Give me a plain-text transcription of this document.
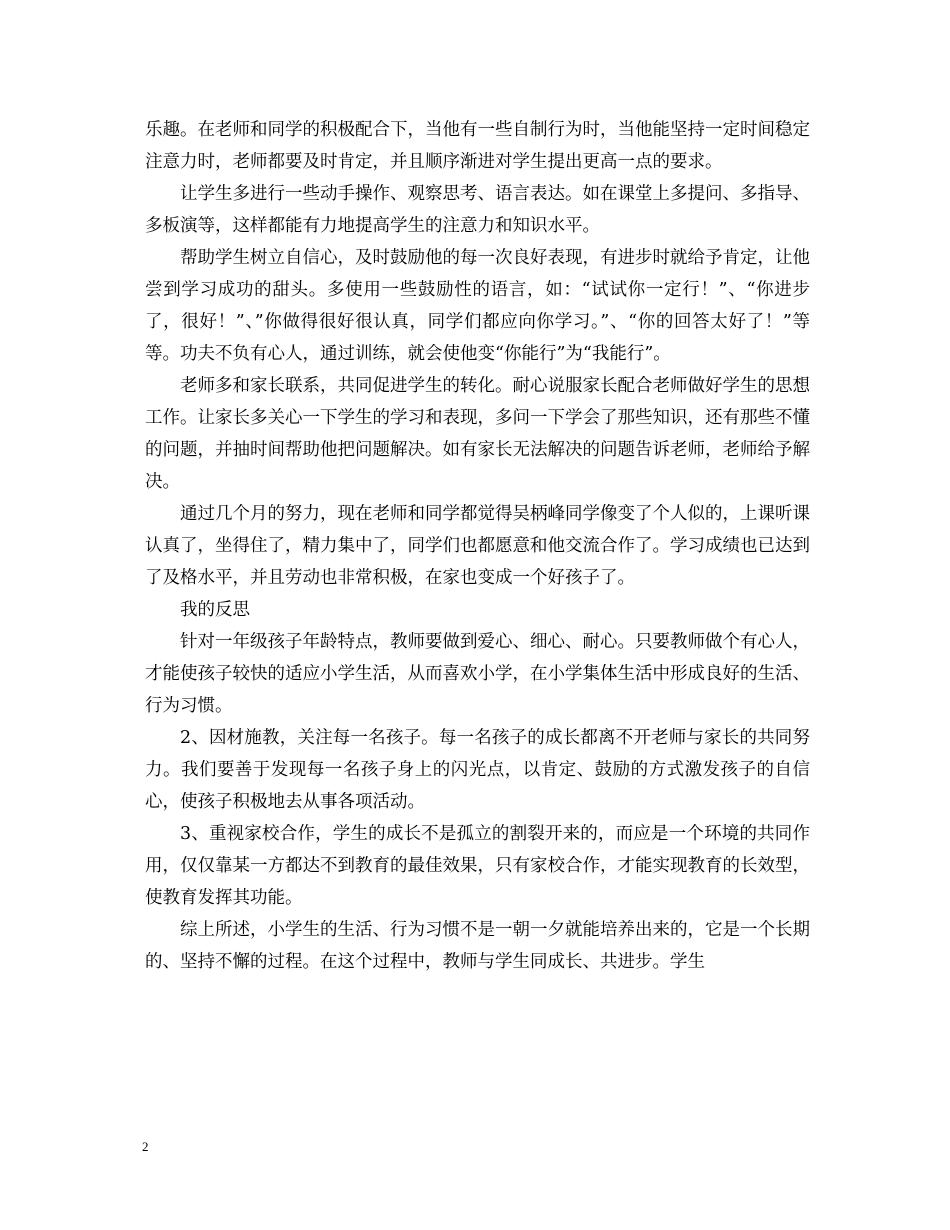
乐趣。在老师和同学的积极配合下，当他有一些自制行为时，当他能坚持一定时间稳定注意力时，老师都要及时肯定，并且顺序渐进对学生提出更高一点的要求。

让学生多进行一些动手操作、观察思考、语言表达。如在课堂上多提问、多指导、多板演等，这样都能有力地提高学生的注意力和知识水平。

帮助学生树立自信心，及时鼓励他的每一次良好表现，有进步时就给予肯定，让他尝到学习成功的甜头。多使用一些鼓励性的语言，如：“试试你一定行！”、“你进步了，很好！”、”你做得很好很认真，同学们都应向你学习。”、“你的回答太好了！”等等。功夫不负有心人，通过训练，就会使他变“你能行”为“我能行”。

老师多和家长联系，共同促进学生的转化。耐心说服家长配合老师做好学生的思想工作。让家长多关心一下学生的学习和表现，多问一下学会了那些知识，还有那些不懂的问题，并抽时间帮助他把问题解决。如有家长无法解决的问题告诉老师，老师给予解决。

通过几个月的努力，现在老师和同学都觉得吴柄峰同学像变了个人似的，上课听课认真了，坐得住了，精力集中了，同学们也都愿意和他交流合作了。学习成绩也已达到了及格水平，并且劳动也非常积极，在家也变成一个好孩子了。

我的反思

针对一年级孩子年龄特点，教师要做到爱心、细心、耐心。只要教师做个有心人，才能使孩子较快的适应小学生活，从而喜欢小学，在小学集体生活中形成良好的生活、行为习惯。

2、因材施教，关注每一名孩子。每一名孩子的成长都离不开老师与家长的共同努力。我们要善于发现每一名孩子身上的闪光点，以肯定、鼓励的方式激发孩子的自信心，使孩子积极地去从事各项活动。

3、重视家校合作，学生的成长不是孤立的割裂开来的，而应是一个环境的共同作用，仅仅靠某一方都达不到教育的最佳效果，只有家校合作，才能实现教育的长效型，使教育发挥其功能。

综上所述，小学生的生活、行为习惯不是一朝一夕就能培养出来的，它是一个长期的、坚持不懈的过程。在这个过程中，教师与学生同成长、共进步。学生

2
